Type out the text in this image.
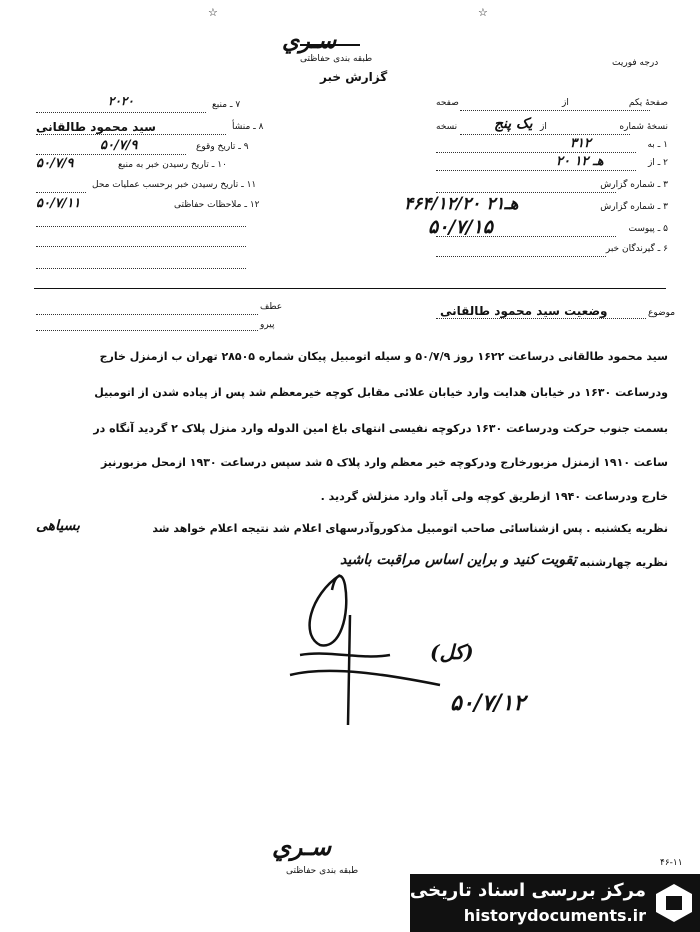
☆	☆
سـري
طبقه بندی حفاظتی
گزارش خبر
درجه فوریت
صفحۀ یکم
از
صفحه
نسخۀ شماره
از
نسخه	یک پنج
۱ ـ به
۳۱۲
۲ ـ از
۲۰ هـ ۱۲
۳ ـ شماره گزارش
۳ ـ شماره گزارش
۴۶۴/۱۲/۲۰ هـ۲۱
۵ ـ پیوست
۵۰/۷/۱۵
۶ ـ گیرندگان خبر
۷ ـ منبع
۲۰۲۰
۸ ـ منشأ
سید محمود طالقانی
۹ ـ تاریخ وقوع
۵۰/۷/۹
۱۰ ـ تاریخ رسیدن خبر به منبع
۵۰/۷/۹
۱۱ ـ تاریخ رسیدن خبر برحسب عملیات محل
۱۲ ـ ملاحظات حفاظتی
۵۰/۷/۱۱
عطف
پیرو
موضوع
وضعیت سید محمود طالقانی
سید محمود طالقانی درساعت ۱۶۲۲ روز ۵۰/۷/۹ و سیله اتومبیل پیکان شماره ۲۸۵۰۵ تهران ب ازمنزل خارج
ودرساعت ۱۶۳۰ در خیابان هدایت وارد خیابان علائی مقابل کوچه خیرمعظم شد پس از پیاده شدن از اتومبیل
بسمت جنوب حرکت ودرساعت ۱۶۳۰ درکوچه نفیسی انتهای باغ امین الدوله وارد منزل پلاک ۲ گردید آنگاه در
ساعت ۱۹۱۰ ازمنزل مزبورخارج ودرکوچه خیر معظم وارد پلاک ۵ شد سپس درساعت ۱۹۳۰ ازمحل مزبورنیز
خارج ودرساعت ۱۹۴۰ ازطریق کوچه ولی آباد وارد منزلش گردید .
نظریه یکشنبه . پس ازشناسائی صاحب اتومبیل مذکوروآدرسهای اعلام شد نتیجه اعلام خواهد شد
بسیاهی
نظریه چهارشنبه .
تقویت کنید و براین اساس مراقبت باشید
(کل)
۵۰/۷/۱۲
سـري
طبقه بندی حفاظتی
۴۶-۱۱
مرکز بررسی اسناد تاریخی
historydocuments.ir
